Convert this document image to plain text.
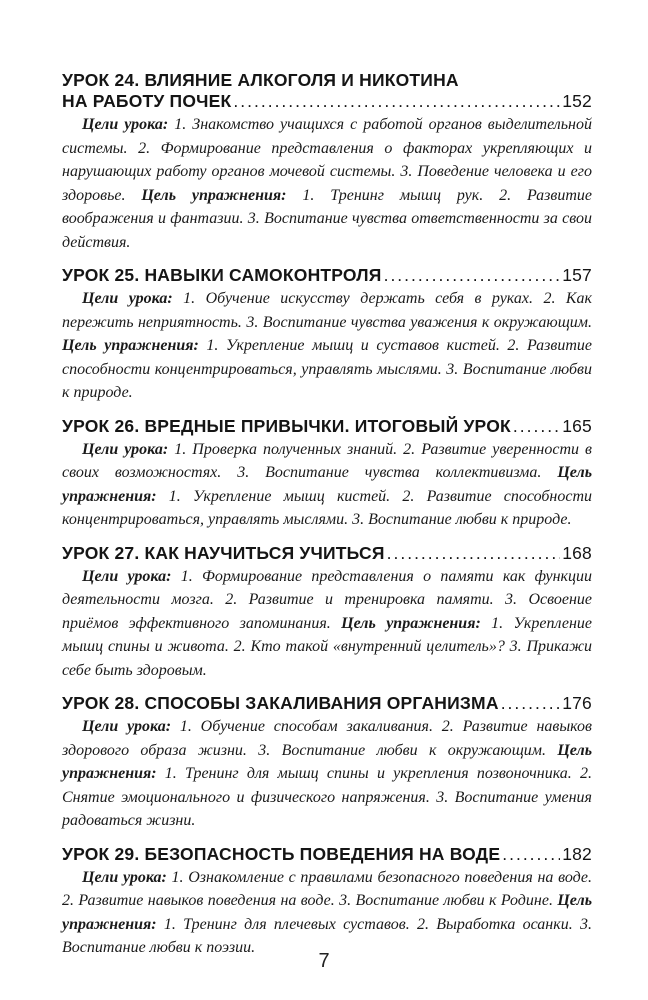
УРОК 24. ВЛИЯНИЕ АЛКОГОЛЯ И НИКОТИНА
НА РАБОТУ ПОЧЕК .....	152
Цели урока: 1. Знакомство учащихся с работой органов выделительной системы. 2. Формирование представления о факторах укрепляющих и нарушающих работу органов мочевой системы. 3. Поведение человека и его здоровье. Цель упражнения: 1. Тренинг мышц рук. 2. Развитие воображения и фантазии. 3. Воспитание чувства ответственности за свои действия.
УРОК 25. НАВЫКИ САМОКОНТРОЛЯ .....	157
Цели урока: 1. Обучение искусству держать себя в руках. 2. Как пережить неприятность. 3. Воспитание чувства уважения к окружающим. Цель упражнения: 1. Укрепление мышц и суставов кистей. 2. Развитие способности концентрироваться, управлять мыслями. 3. Воспитание любви к природе.
УРОК 26. ВРЕДНЫЕ ПРИВЫЧКИ. ИТОГОВЫЙ УРОК .....	165
Цели урока: 1. Проверка полученных знаний. 2. Развитие уверенности в своих возможностях. 3. Воспитание чувства коллективизма. Цель упражнения: 1. Укрепление мышц кистей. 2. Развитие способности концентрироваться, управлять мыслями. 3. Воспитание любви к природе.
УРОК 27. КАК НАУЧИТЬСЯ УЧИТЬСЯ .....	168
Цели урока: 1. Формирование представления о памяти как функции деятельности мозга. 2. Развитие и тренировка памяти. 3. Освоение приёмов эффективного запоминания. Цель упражнения: 1. Укрепление мышц спины и живота. 2. Кто такой «внутренний целитель»? 3. Прикажи себе быть здоровым.
УРОК 28. СПОСОБЫ ЗАКАЛИВАНИЯ ОРГАНИЗМА .....	176
Цели урока: 1. Обучение способам закаливания. 2. Развитие навыков здорового образа жизни. 3. Воспитание любви к окружающим. Цель упражнения: 1. Тренинг для мышц спины и укрепления позвоночника. 2. Снятие эмоционального и физического напряжения. 3. Воспитание умения радоваться жизни.
УРОК 29. БЕЗОПАСНОСТЬ ПОВЕДЕНИЯ НА ВОДЕ .....	182
Цели урока: 1. Ознакомление с правилами безопасного поведения на воде. 2. Развитие навыков поведения на воде. 3. Воспитание любви к Родине. Цель упражнения: 1. Тренинг для плечевых суставов. 2. Выработка осанки. 3. Воспитание любви к поэзии.
7
